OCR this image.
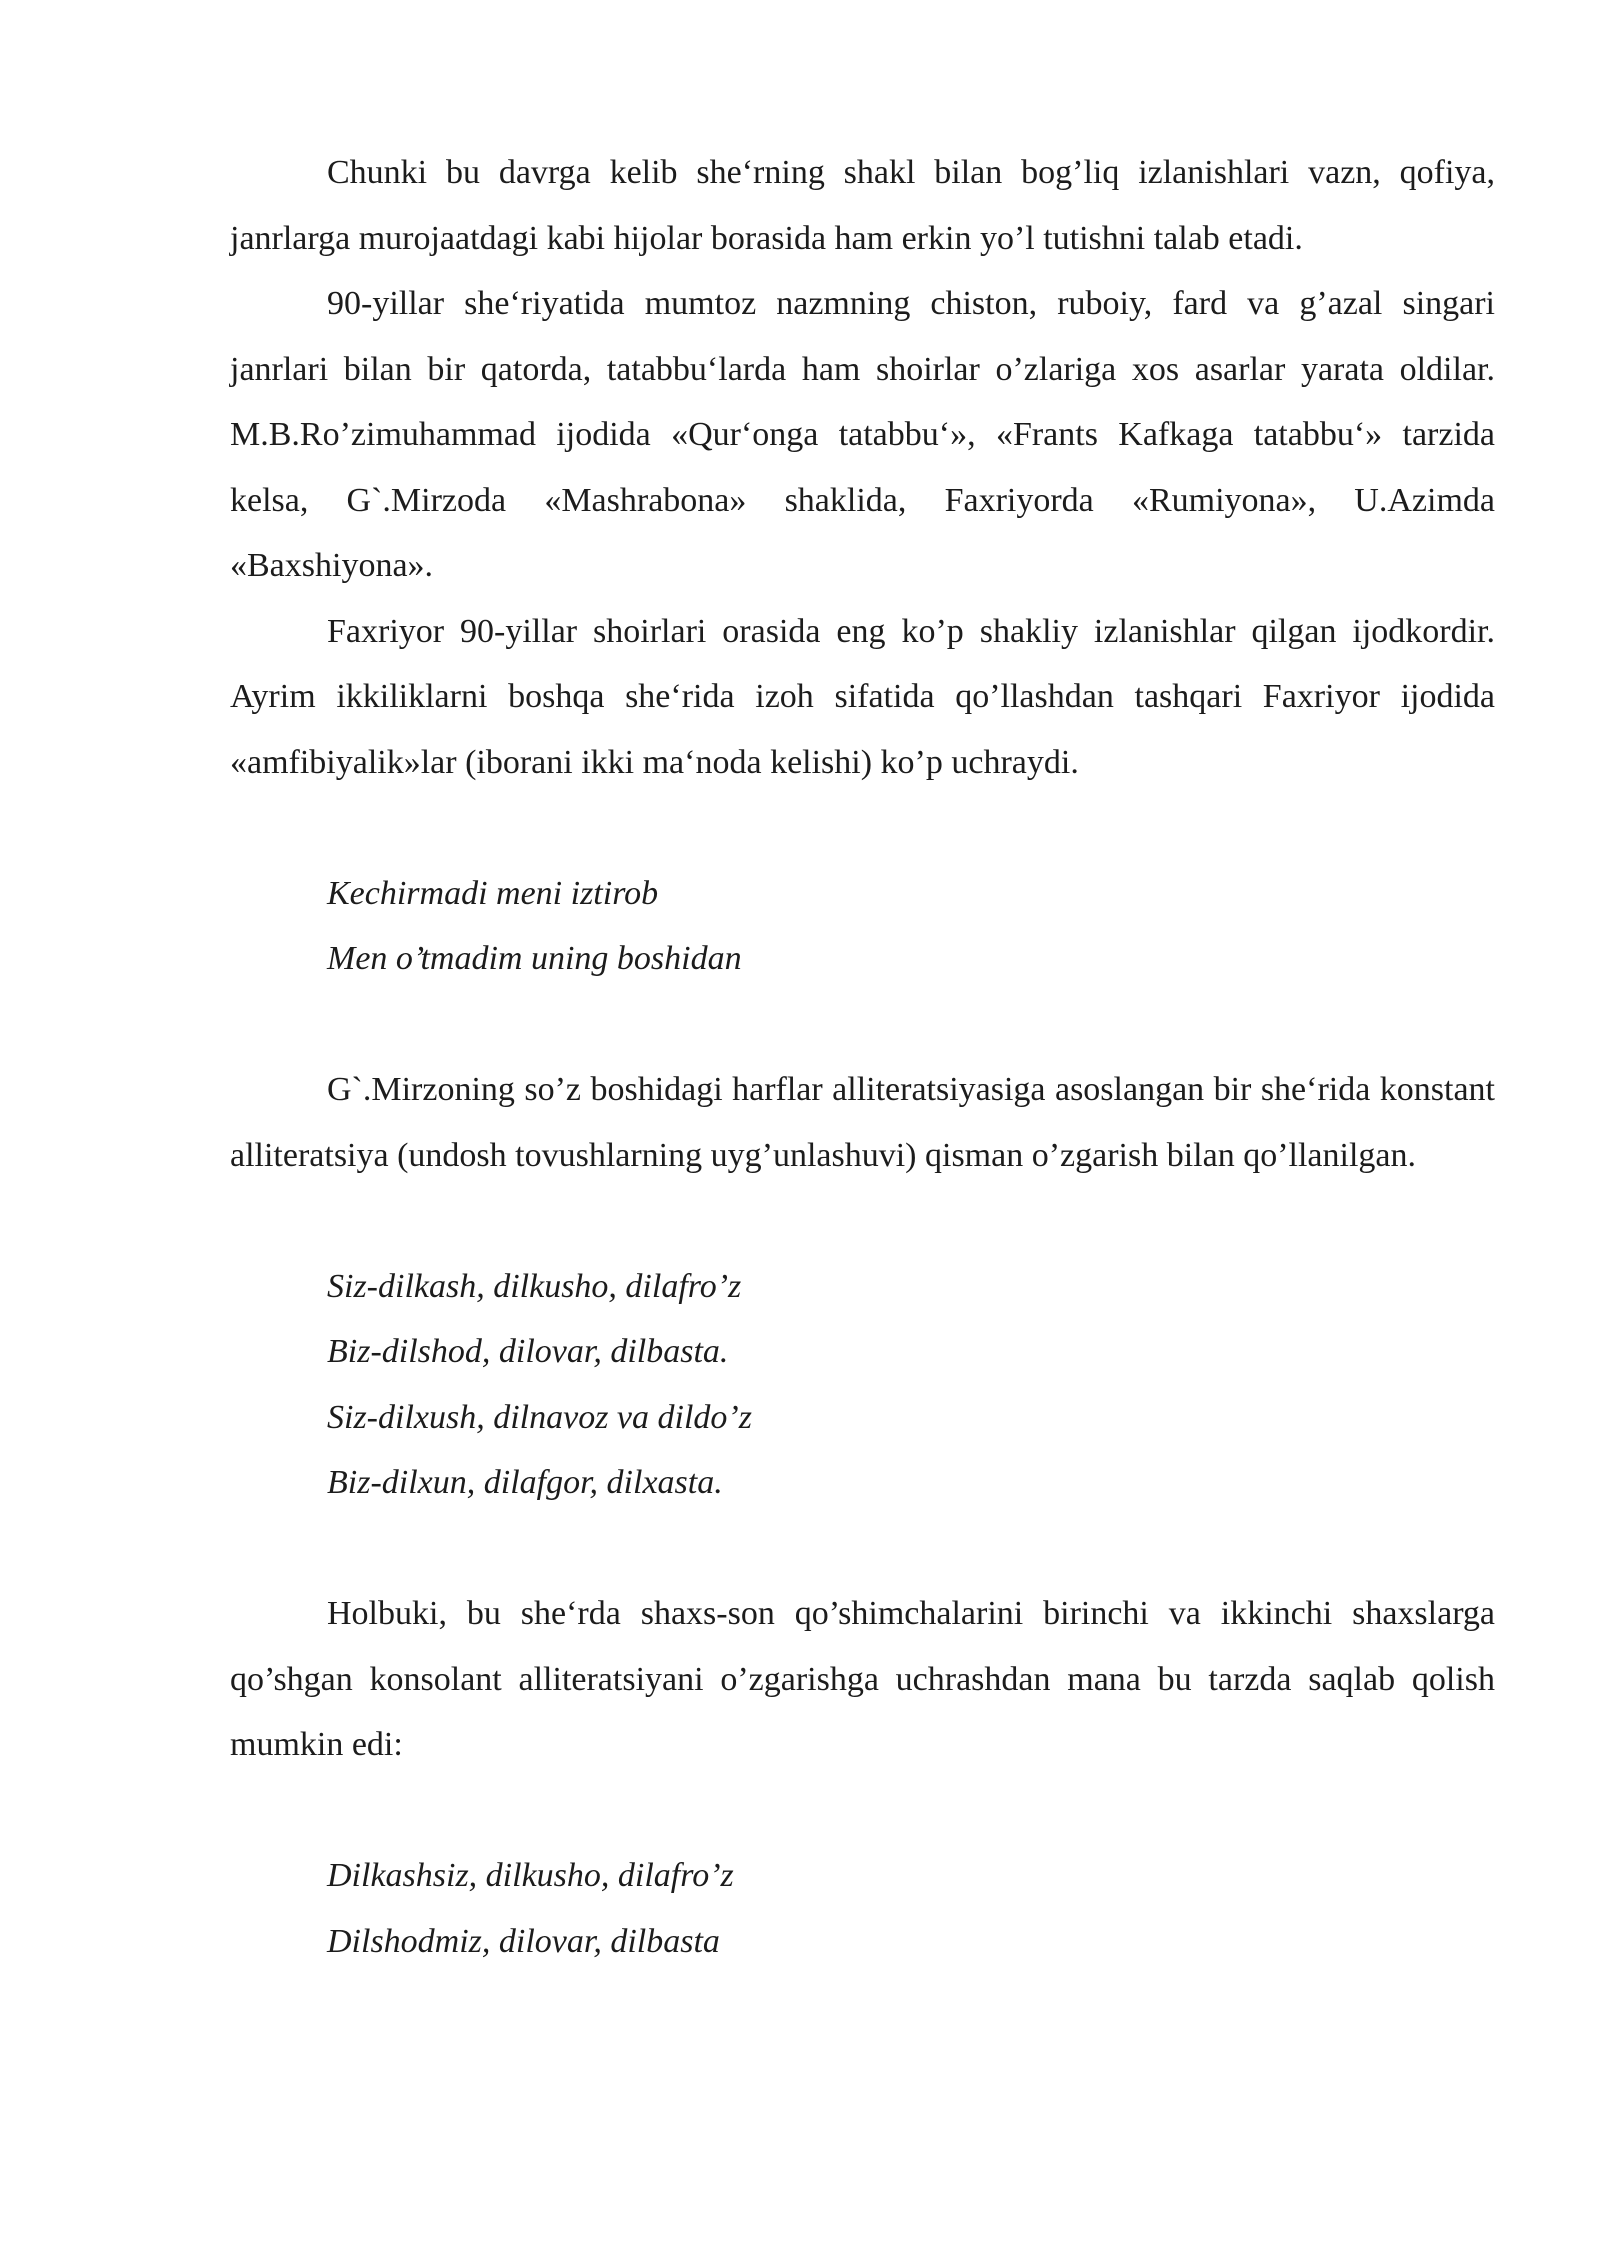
Chunki bu davrga kelib she‘rning shakl bilan bog’liq izlanishlari vazn, qofiya, janrlarga murojaatdagi kabi hijolar borasida ham erkin yo’l tutishni talab etadi.

90-yillar she‘riyatida mumtoz nazmning chiston, ruboiy, fard va g’azal singari janrlari bilan bir qatorda, tatabbu‘larda ham shoirlar o’zlariga xos asarlar yarata oldilar. M.B.Ro’zimuhammad ijodida «Qur‘onga tatabbu‘», «Frants Kafkaga tatabbu‘» tarzida kelsa, G`.Mirzoda «Mashrabona» shaklida, Faxriyorda «Rumiyona», U.Azimda «Baxshiyona».

Faxriyor 90-yillar shoirlari orasida eng ko’p shakliy izlanishlar qilgan ijodkordir. Ayrim ikkiliklarni boshqa she‘rida izoh sifatida qo’llashdan tashqari Faxriyor ijodida «amfibiyalik»lar (iborani ikki ma‘noda kelishi) ko’p uchraydi.

Kechirmadi meni iztirob
Men o’tmadim uning boshidan

G`.Mirzoning so’z boshidagi harflar alliteratsiyasiga asoslangan bir she‘rida konstant alliteratsiya (undosh tovushlarning uyg’unlashuvi) qisman o’zgarish bilan qo’llanilgan.

Siz-dilkash, dilkusho, dilafro’z
Biz-dilshod, dilovar, dilbasta.
Siz-dilxush, dilnavoz va dildo’z
Biz-dilxun, dilafgor, dilxasta.

Holbuki, bu she‘rda shaxs-son qo’shimchalarini birinchi va ikkinchi shaxslarga qo’shgan konsolant alliteratsiyani o’zgarishga uchrashdan mana bu tarzda saqlab qolish mumkin edi:

Dilkashsiz, dilkusho, dilafro’z
Dilshodmiz, dilovar, dilbasta
